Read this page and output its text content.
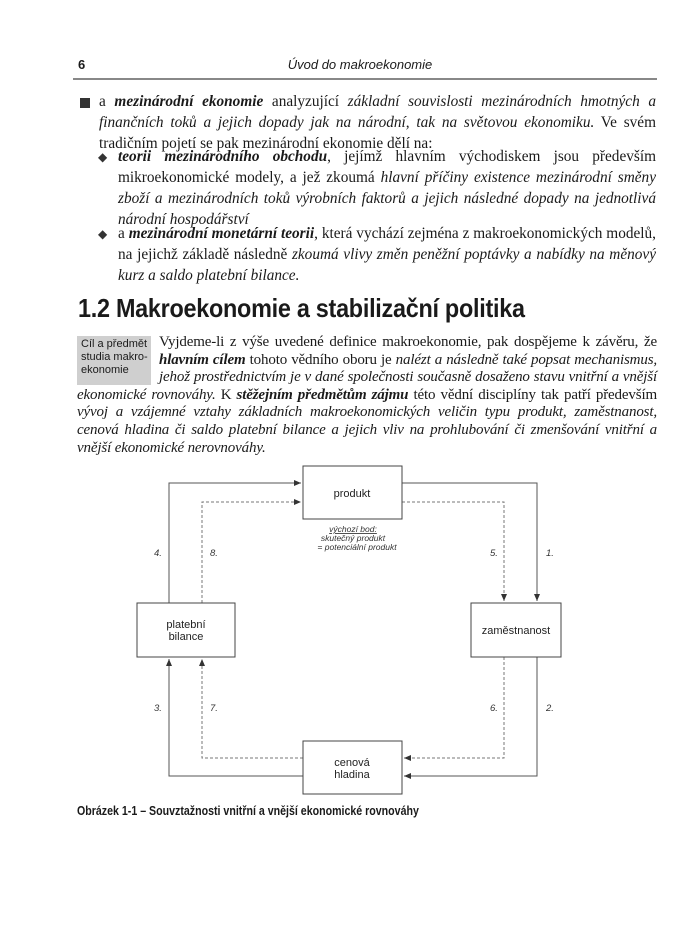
6	Úvod do makroekonomie
a mezinárodní ekonomie analyzující základní souvislosti mezinárodních hmotných a finančních toků a jejich dopady jak na národní, tak na světovou ekonomiku. Ve svém tradičním pojetí se pak mezinárodní ekonomie dělí na:
◆ teorii mezinárodního obchodu, jejímž hlavním východiskem jsou především mikroekonomické modely, a jež zkoumá hlavní příčiny existence mezinárodní směny zboží a mezinárodních toků výrobních faktorů a jejich následné dopady na jednotlivá národní hospodářství
◆ a mezinárodní monetární teorii, která vychází zejména z makroekonomických modelů, na jejichž základě následně zkoumá vlivy změn peněžní poptávky a nabídky na měnový kurz a saldo platební bilance.
1.2 Makroekonomie a stabilizační politika
Cíl a předmět studia makroekonomie
Vyjdeme-li z výše uvedené definice makroekonomie, pak dospějeme k závěru, že hlavním cílem tohoto vědního oboru je nalézt a následně také popsat mechanismus, jehož prostřednictvím je v dané společnosti současně dosaženo stavu vnitřní a vnější ekonomické rovnováhy. K stěžejním předmětům zájmu této vědní disciplíny tak patří především vývoj a vzájemné vztahy základních makroekonomických veličin typu produkt, zaměstnanost, cenová hladina či saldo platební bilance a jejich vliv na prohlubování či zmenšování vnitřní a vnější ekonomické nerovnováhy.
produkt
zaměstnanost
cenová
hladina
platební
bilance
výchozí bod:
skutečný produkt
= potenciální produkt
1.
2.
3.
4.	5.
6.
7.
8.
Obrázek 1-1 – Souvztažnosti vnitřní a vnější ekonomické rovnováhy
